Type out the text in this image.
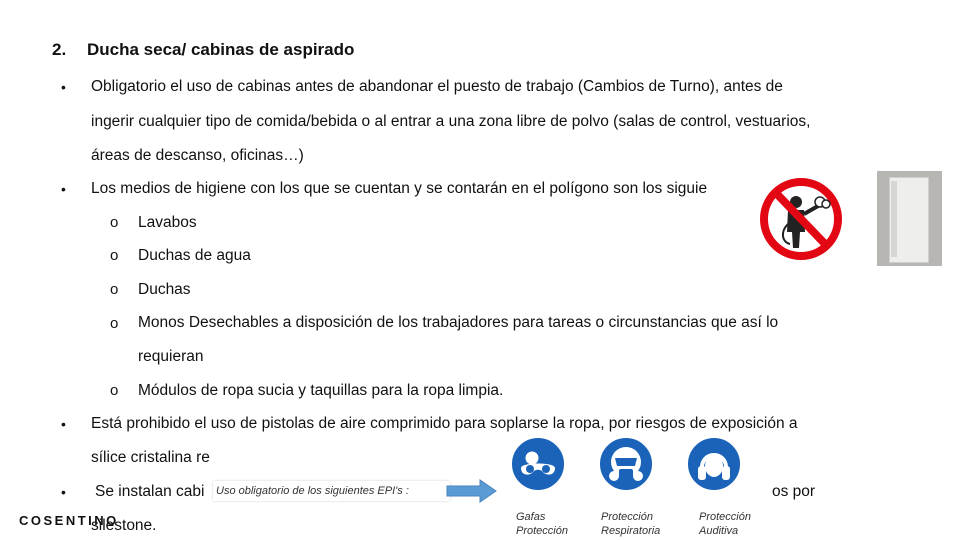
2. Ducha seca/ cabinas de aspirado
• Obligatorio el uso de cabinas antes de abandonar el puesto de trabajo (Cambios de Turno), antes de
ingerir cualquier tipo de comida/bebida o al entrar a una zona libre de polvo (salas de control, vestuarios,
áreas de descanso, oficinas…)
• Los medios de higiene con los que se cuentan y se contarán en el polígono son los siguie
o Lavabos
o Duchas de agua
o Duchas
o Monos Desechables a disposición de los trabajadores para tareas o circunstancias que así lo
requieran
o Módulos de ropa sucia y taquillas para la ropa limpia.
• Está prohibido el uso de pistolas de aire comprimido para soplarse la ropa, por riesgos de exposición a
sílice cristalina re
• Se instalan cabi	os por
silestone.
Uso obligatorio de los siguientes EPI's :
Gafas
Protección
Protección
Respiratoria
Protección
Auditiva
COSENTINO
